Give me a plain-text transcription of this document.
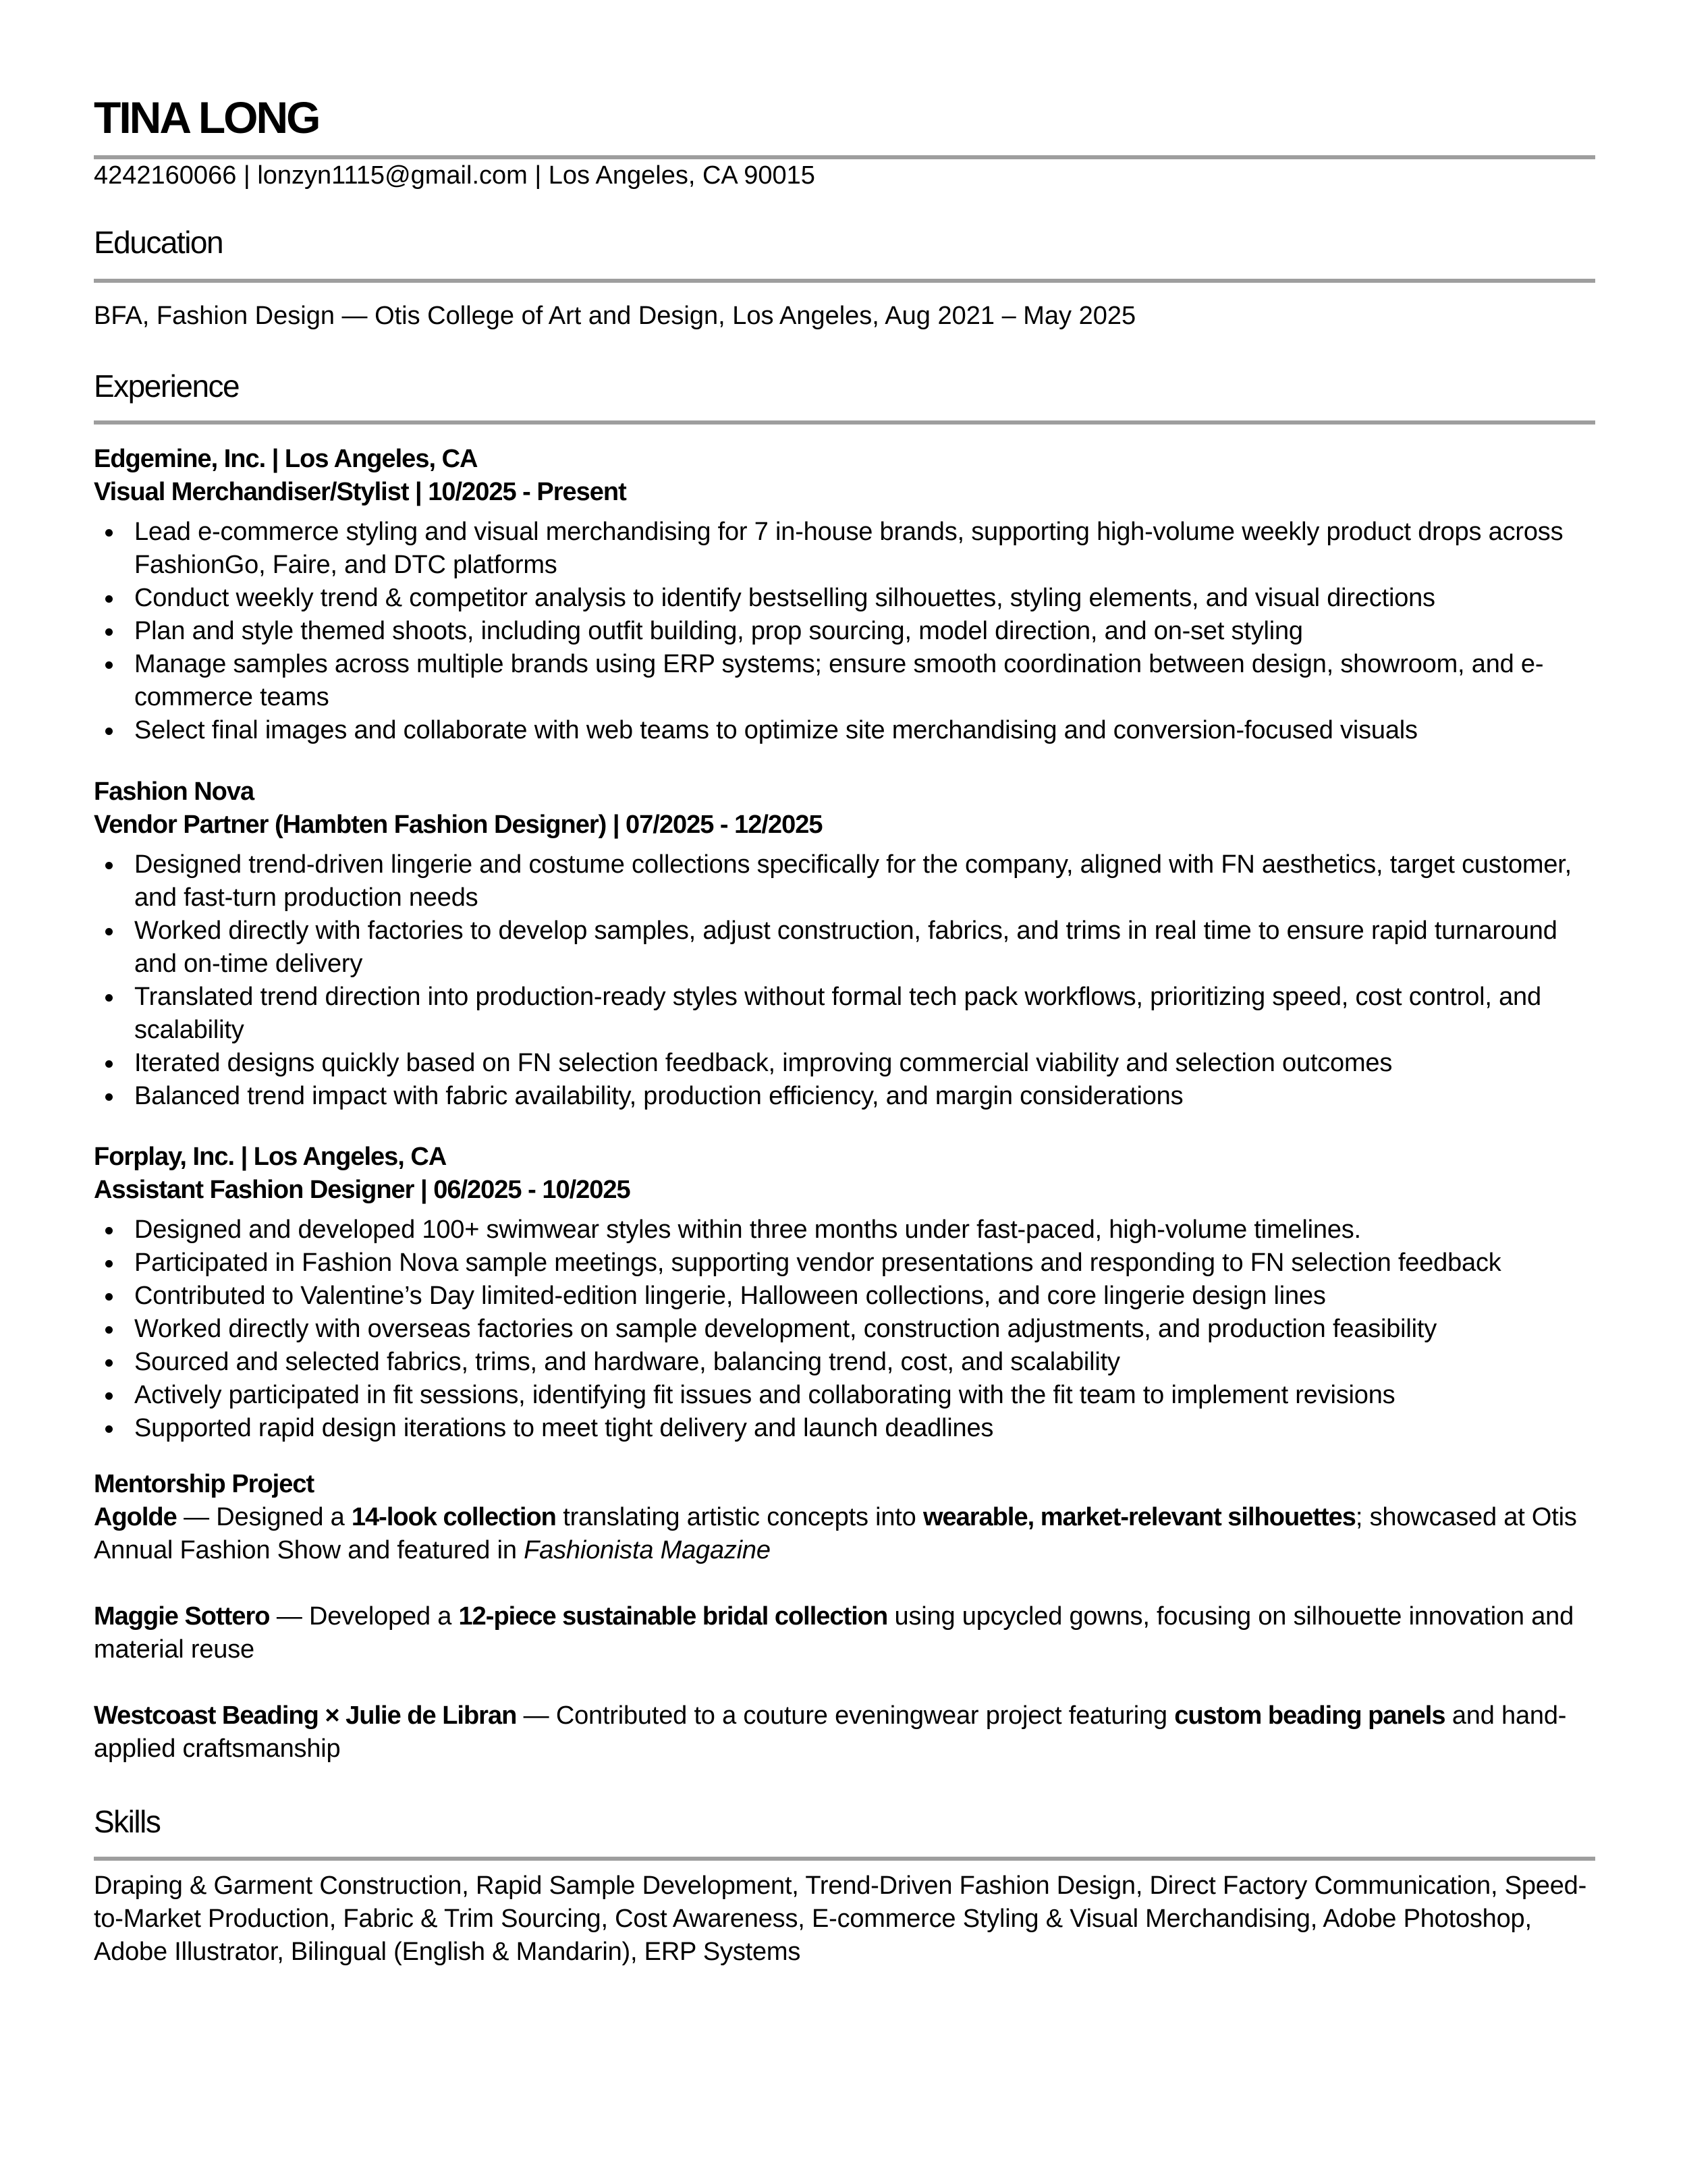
TINA LONG
4242160066 | lonzyn1115@gmail.com | Los Angeles, CA 90015
Education
BFA, Fashion Design — Otis College of Art and Design, Los Angeles, Aug 2021 – May 2025
Experience
Edgemine, Inc. | Los Angeles, CA
Visual Merchandiser/Stylist | 10/2025 - Present
Lead e-commerce styling and visual merchandising for 7 in-house brands, supporting high-volume weekly product drops across FashionGo, Faire, and DTC platforms
Conduct weekly trend & competitor analysis to identify bestselling silhouettes, styling elements, and visual directions
Plan and style themed shoots, including outfit building, prop sourcing, model direction, and on-set styling
Manage samples across multiple brands using ERP systems; ensure smooth coordination between design, showroom, and e-commerce teams
Select final images and collaborate with web teams to optimize site merchandising and conversion-focused visuals
Fashion Nova
Vendor Partner (Hambten Fashion Designer) | 07/2025 - 12/2025
Designed trend-driven lingerie and costume collections specifically for the company, aligned with FN aesthetics, target customer, and fast-turn production needs
Worked directly with factories to develop samples, adjust construction, fabrics, and trims in real time to ensure rapid turnaround and on-time delivery
Translated trend direction into production-ready styles without formal tech pack workflows, prioritizing speed, cost control, and scalability
Iterated designs quickly based on FN selection feedback, improving commercial viability and selection outcomes
Balanced trend impact with fabric availability, production efficiency, and margin considerations
Forplay, Inc. | Los Angeles, CA
Assistant Fashion Designer | 06/2025 - 10/2025
Designed and developed 100+ swimwear styles within three months under fast-paced, high-volume timelines.
Participated in Fashion Nova sample meetings, supporting vendor presentations and responding to FN selection feedback
Contributed to Valentine’s Day limited-edition lingerie, Halloween collections, and core lingerie design lines
Worked directly with overseas factories on sample development, construction adjustments, and production feasibility
Sourced and selected fabrics, trims, and hardware, balancing trend, cost, and scalability
Actively participated in fit sessions, identifying fit issues and collaborating with the fit team to implement revisions
Supported rapid design iterations to meet tight delivery and launch deadlines
Mentorship Project
Agolde — Designed a 14-look collection translating artistic concepts into wearable, market-relevant silhouettes; showcased at Otis Annual Fashion Show and featured in Fashionista Magazine
Maggie Sottero — Developed a 12-piece sustainable bridal collection using upcycled gowns, focusing on silhouette innovation and material reuse
Westcoast Beading × Julie de Libran — Contributed to a couture eveningwear project featuring custom beading panels and hand-applied craftsmanship
Skills
Draping & Garment Construction, Rapid Sample Development, Trend-Driven Fashion Design, Direct Factory Communication, Speed-to-Market Production, Fabric & Trim Sourcing, Cost Awareness, E-commerce Styling & Visual Merchandising, Adobe Photoshop, Adobe Illustrator, Bilingual (English & Mandarin), ERP Systems
